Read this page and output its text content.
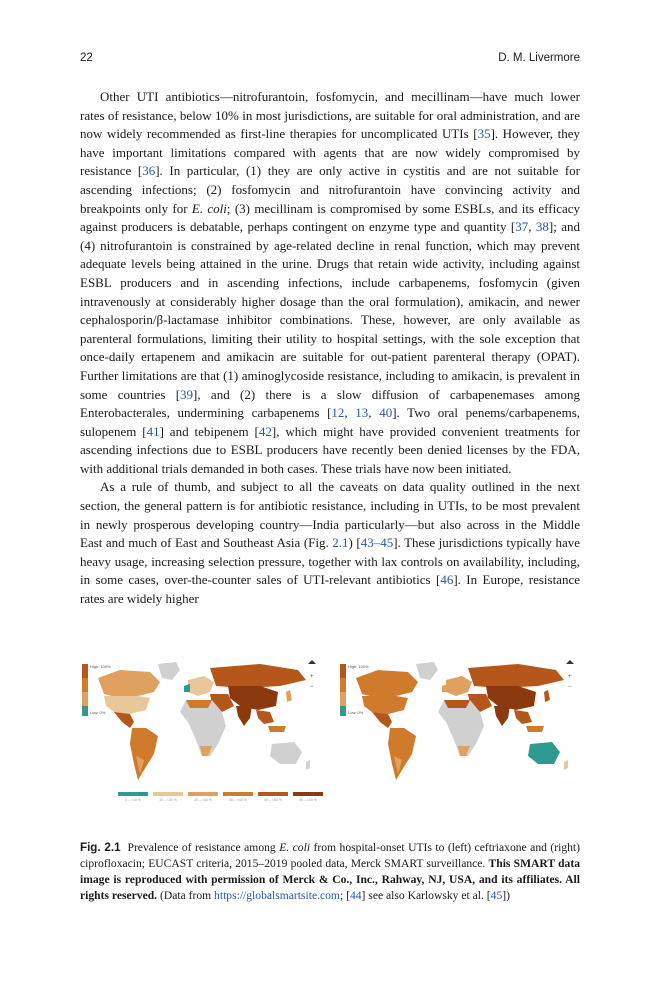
22	D. M. Livermore

Other UTI antibiotics—nitrofurantoin, fosfomycin, and mecillinam—have much lower rates of resistance, below 10% in most jurisdictions, are suitable for oral administration, and are now widely recommended as first-line therapies for uncomplicated UTIs [35]. However, they have important limitations compared with agents that are now widely compromised by resistance [36]. In particular, (1) they are only active in cystitis and are not suitable for ascending infections; (2) fosfomycin and nitrofurantoin have convincing activity and breakpoints only for E. coli; (3) mecillinam is compromised by some ESBLs, and its efficacy against producers is debatable, perhaps contingent on enzyme type and quantity [37, 38]; and (4) nitrofurantoin is constrained by age-related decline in renal function, which may prevent adequate levels being attained in the urine. Drugs that retain wide activity, including against ESBL producers and in ascending infections, include carbapenems, fosfomycin (given intravenously at considerably higher dosage than the oral formulation), amikacin, and newer cephalosporin/β-lactamase inhibitor combinations. These, however, are only available as parenteral formulations, limiting their utility to hospital settings, with the sole exception that once-daily ertapenem and amikacin are suitable for out-patient parenteral therapy (OPAT). Further limitations are that (1) aminoglycoside resistance, including to amikacin, is prevalent in some countries [39], and (2) there is a slow diffusion of carbapenemases among Enterobacterales, undermining carbapenems [12, 13, 40]. Two oral penems/carbapenems, sulopenem [41] and tebipenem [42], which might have provided convenient treatments for ascending infections due to ESBL producers have recently been denied licenses by the FDA, with additional trials demanded in both cases. These trials have now been initiated.

As a rule of thumb, and subject to all the caveats on data quality outlined in the next section, the general pattern is for antibiotic resistance, including in UTIs, to be most prevalent in newly prosperous developing country—India particularly—but also across in the Middle East and much of East and Southeast Asia (Fig. 2.1) [43–45]. These jurisdictions typically have heavy usage, increasing selection pressure, together with lax controls on availability, including, in some cases, over-the-counter sales of UTI-relevant antibiotics [46]. In Europe, resistance rates are widely higher

High: 100%
Low: 0%
+
−
High: 100%
Low: 0%
+
−
0 – <10 %	10 – <20 %	20 – <30 %	30 – <40 %	40 – <50 %	50 – 100 %
Fig. 2.1 Prevalence of resistance among E. coli from hospital-onset UTIs to (left) ceftriaxone and (right) ciprofloxacin; EUCAST criteria, 2015–2019 pooled data, Merck SMART surveillance. This SMART data image is reproduced with permission of Merck & Co., Inc., Rahway, NJ, USA, and its affiliates. All rights reserved. (Data from https://globalsmartsite.com; [44] see also Karlowsky et al. [45])
